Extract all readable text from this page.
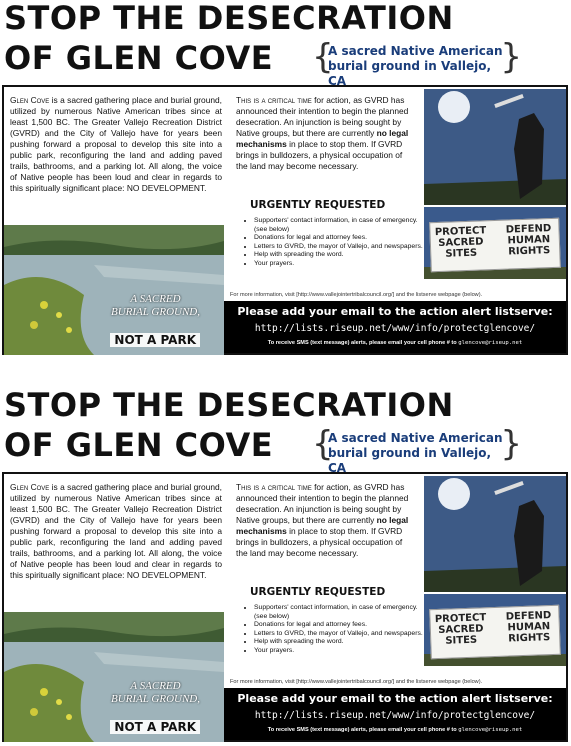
STOP THE DESECRATION
OF GLEN COVE {
A sacred Native American burial ground in Vallejo, CA
}
Glen Cove is a sacred gathering place and burial ground, utilized by numerous Native American tribes since at least 1,500 BC. The Greater Vallejo Recreation District (GVRD) and the City of Vallejo have for years been pushing forward a proposal to develop this site into a public park, reconfiguring the land and adding paved trails, bathrooms, and a parking lot. All along, the voice of Native people has been loud and clear in regards to this spiritually significant place: NO DEVELOPMENT.
A SACRED
BURIAL GROUND,
NOT A PARK
This is a critical time for action, as GVRD has announced their intention to begin the planned desecration. An injunction is being sought by Native groups, but there are currently no legal mechanisms in place to stop them. If GVRD brings in bulldozers, a physical occupation of the land may become necessary.
URGENTLY REQUESTED
• Supporters' contact information, in case of emergency. (see below)
• Donations for legal and attorney fees.
• Letters to GVRD, the mayor of Vallejo, and newspapers.
• Help with spreading the word.
• Your prayers.
PROTECT SACRED SITES
DEFEND HUMAN RIGHTS
For more information, visit [http://www.vallejointertribalcouncil.org/] and the listserve webpage (below).
Please add your email to the action alert listserve:
http://lists.riseup.net/www/info/protectglencove/
To receive SMS (text message) alerts, please email your cell phone # to glencove@riseup.net
STOP THE DESECRATION
OF GLEN COVE {
A sacred Native American burial ground in Vallejo, CA
}
Glen Cove is a sacred gathering place and burial ground, utilized by numerous Native American tribes since at least 1,500 BC. The Greater Vallejo Recreation District (GVRD) and the City of Vallejo have for years been pushing forward a proposal to develop this site into a public park, reconfiguring the land and adding paved trails, bathrooms, and a parking lot. All along, the voice of Native people has been loud and clear in regards to this spiritually significant place: NO DEVELOPMENT.
A SACRED
BURIAL GROUND,
NOT A PARK
This is a critical time for action, as GVRD has announced their intention to begin the planned desecration. An injunction is being sought by Native groups, but there are currently no legal mechanisms in place to stop them. If GVRD brings in bulldozers, a physical occupation of the land may become necessary.
URGENTLY REQUESTED
• Supporters' contact information, in case of emergency. (see below)
• Donations for legal and attorney fees.
• Letters to GVRD, the mayor of Vallejo, and newspapers.
• Help with spreading the word.
• Your prayers.
PROTECT SACRED SITES
DEFEND HUMAN RIGHTS
For more information, visit [http://www.vallejointertribalcouncil.org/] and the listserve webpage (below).
Please add your email to the action alert listserve:
http://lists.riseup.net/www/info/protectglencove/
To receive SMS (text message) alerts, please email your cell phone # to glencove@riseup.net
